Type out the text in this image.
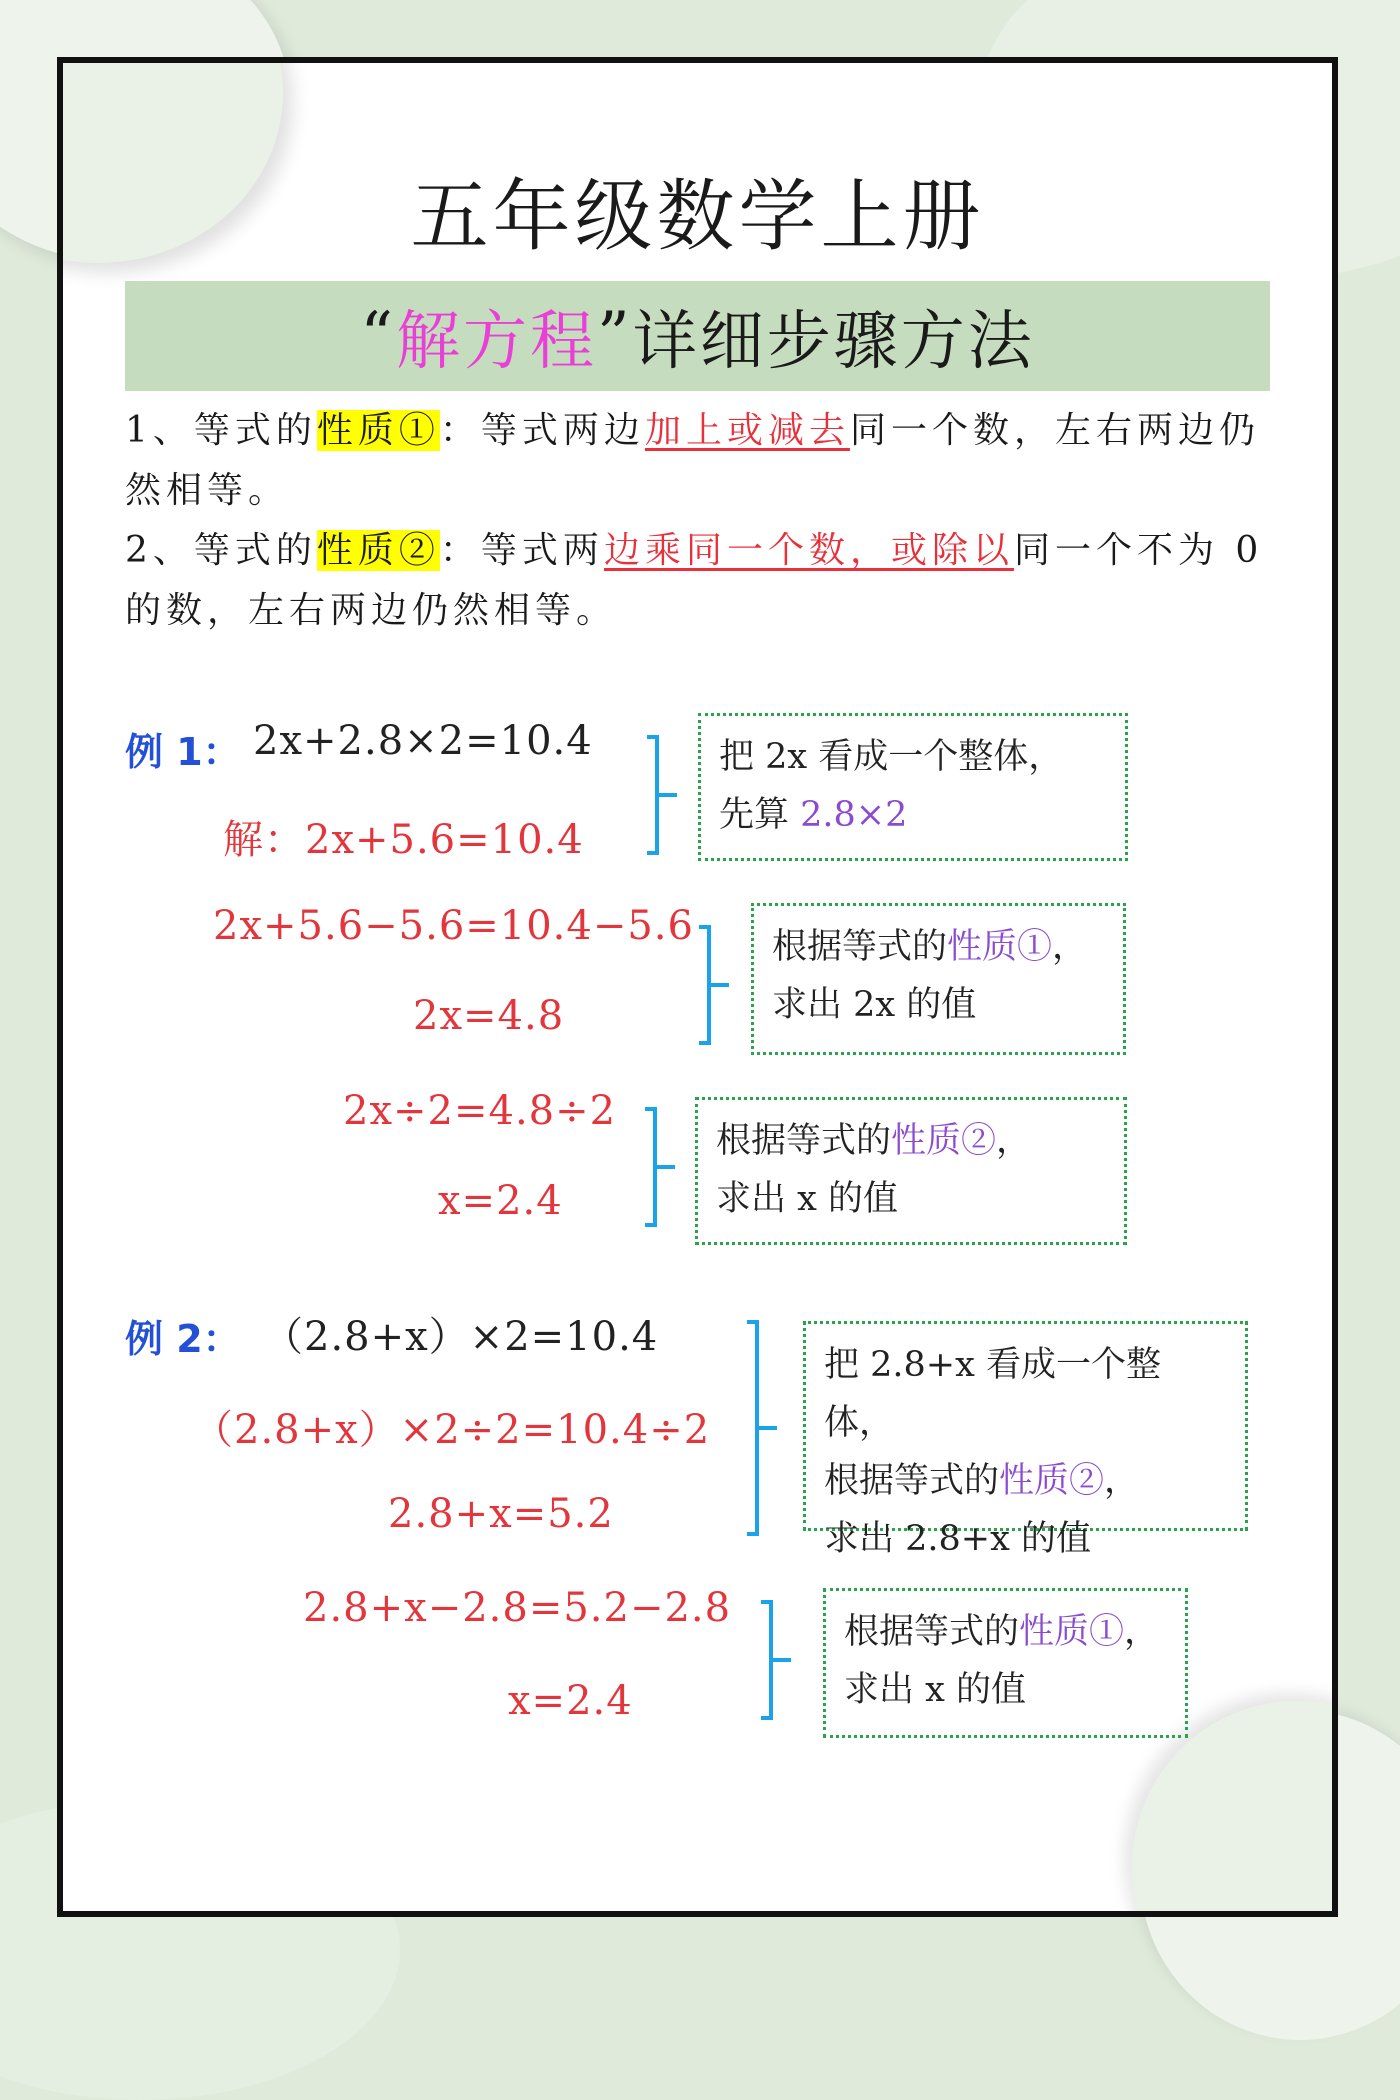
五年级数学上册
“ 解方程 ” 详细步骤方法
1、等式的性质①：等式两边加上或减去同一个数，左右两边仍然相等。
2、等式的性质②：等式两边乘同一个数，或除以同一个不为 0 的数，左右两边仍然相等。
例 1： 2x+2.8×2=10.4
解：2x+5.6=10.4
2x+5.6−5.6=10.4−5.6
2x=4.8
2x÷2=4.8÷2
x=2.4
把 2x 看成一个整体，
先算 2.8×2
根据等式的性质①，
求出 2x 的值
根据等式的性质②，
求出 x 的值
例 2： （2.8+x）×2=10.4
（2.8+x）×2÷2=10.4÷2
2.8+x=5.2
2.8+x−2.8=5.2−2.8
x=2.4
把 2.8+x 看成一个整体，
根据等式的性质②，
求出 2.8+x 的值
根据等式的性质①，
求出 x 的值
